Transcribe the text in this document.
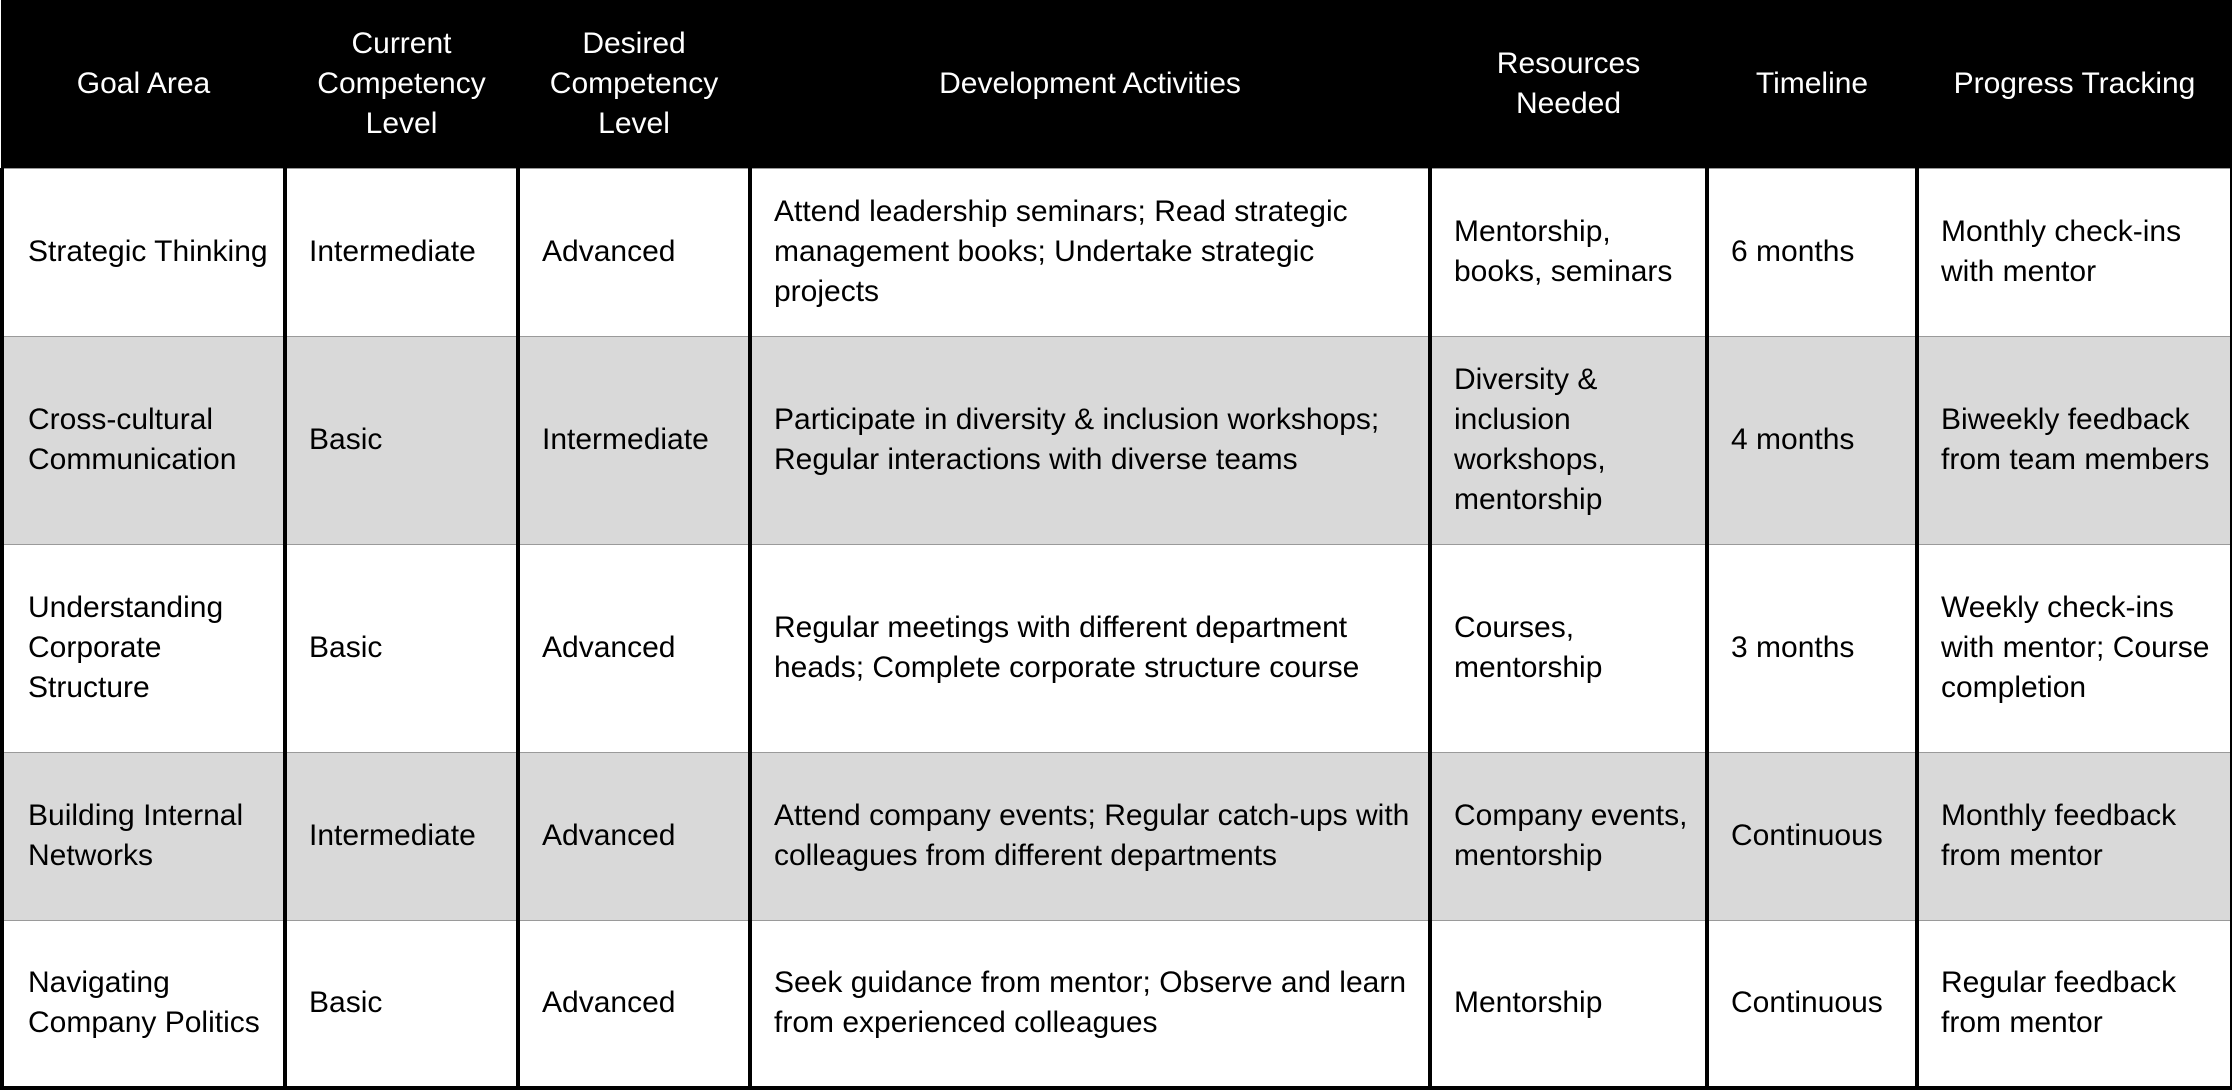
Goal Area	Current Competency Level	Desired Competency Level	Development Activities	Resources Needed	Timeline	Progress Tracking
Strategic Thinking	Intermediate	Advanced	Attend leadership seminars; Read strategic management books; Undertake strategic projects	Mentorship, books, seminars	6 months	Monthly check-ins with mentor
Cross-cultural Communication	Basic	Intermediate	Participate in diversity & inclusion workshops; Regular interactions with diverse teams	Diversity & inclusion workshops, mentorship	4 months	Biweekly feedback from team members
Understanding Corporate Structure	Basic	Advanced	Regular meetings with different department heads; Complete corporate structure course	Courses, mentorship	3 months	Weekly check-ins with mentor; Course completion
Building Internal Networks	Intermediate	Advanced	Attend company events; Regular catch-ups with colleagues from different departments	Company events, mentorship	Continuous	Monthly feedback from mentor
Navigating Company Politics	Basic	Advanced	Seek guidance from mentor; Observe and learn from experienced colleagues	Mentorship	Continuous	Regular feedback from mentor
